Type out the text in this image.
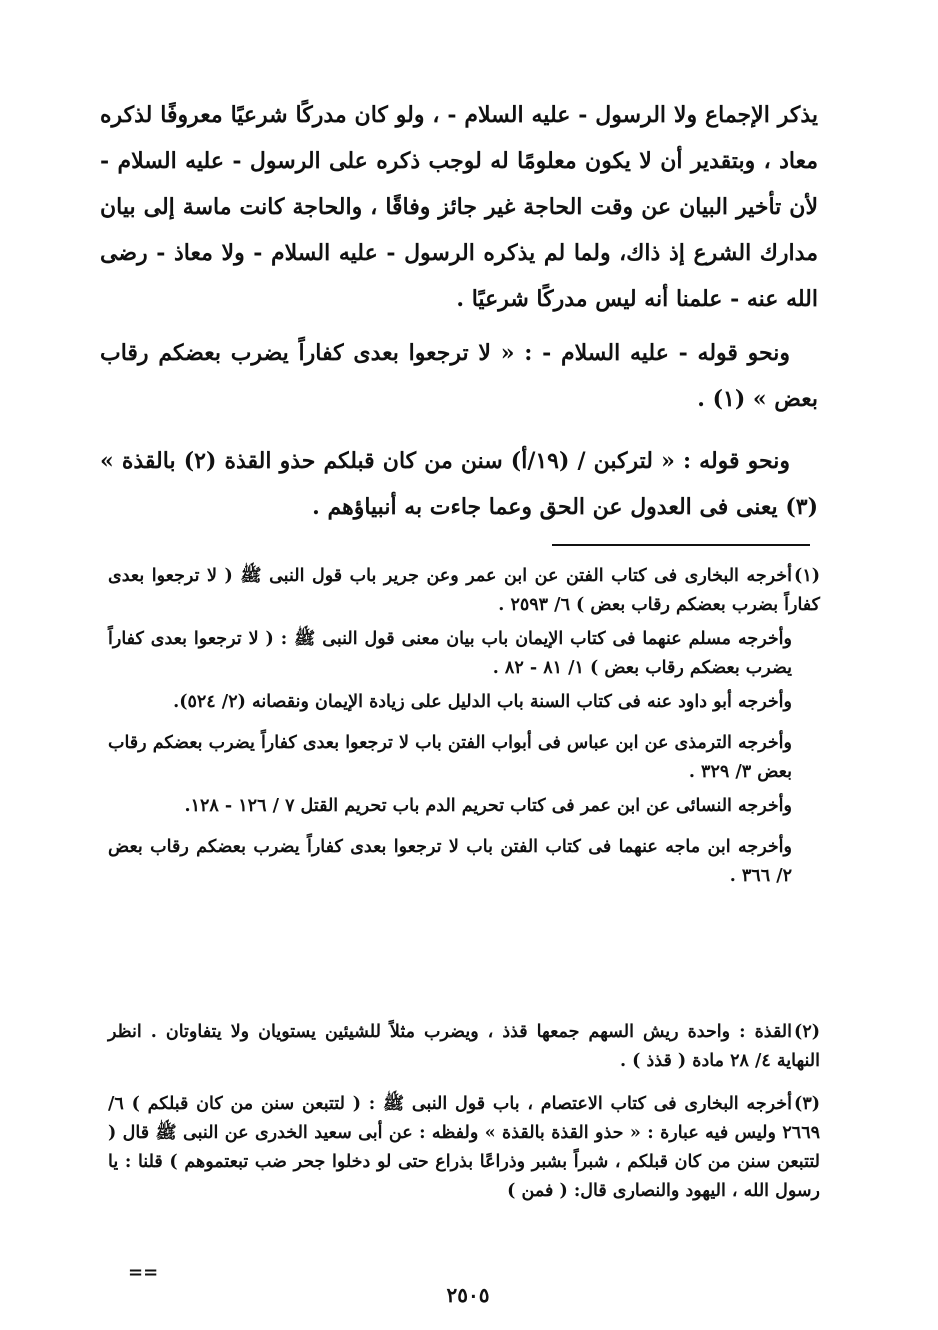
يذكر الإجماع ولا الرسول - عليه السلام - ، ولو كان مدركًا شرعيًا معروفًا لذكره معاد ، وبتقدير أن لا يكون معلومًا له لوجب ذكره على الرسول - عليه السلام - لأن تأخير البيان عن وقت الحاجة غير جائز وفاقًا ، والحاجة كانت ماسة إلى بيان مدارك الشرع إذ ذاك، ولما لم يذكره الرسول - عليه السلام - ولا معاذ - رضى الله عنه - علمنا أنه ليس مدركًا شرعيًا .

ونحو قوله - عليه السلام - : « لا ترجعوا بعدى كفاراً يضرب بعضكم رقاب بعض » (١) .

ونحو قوله : « لتركبن / (١٩/أ) سنن من كان قبلكم حذو القذة (٢) بالقذة » (٣) يعنى فى العدول عن الحق وعما جاءت به أنبياؤهم .

(١)أخرجه البخارى فى كتاب الفتن عن ابن عمر وعن جرير باب قول النبى ﷺ ( لا ترجعوا بعدى كفاراً بضرب بعضكم رقاب بعض ) ٦/ ٢٥٩٣ .
وأخرجه مسلم عنهما فى كتاب الإيمان باب بيان معنى قول النبى ﷺ : ( لا ترجعوا بعدى كفاراً يضرب بعضكم رقاب بعض ) ١/ ٨١ - ٨٢ .
وأخرجه أبو داود عنه فى كتاب السنة باب الدليل على زيادة الإيمان ونقصانه (٢/ ٥٢٤).
وأخرجه الترمذى عن ابن عباس فى أبواب الفتن باب لا ترجعوا بعدى كفاراً يضرب بعضكم رقاب بعض ٣/ ٣٢٩ .
وأخرجه النسائى عن ابن عمر فى كتاب تحريم الدم باب تحريم القتل ٧ / ١٢٦ - ١٢٨.
وأخرجه ابن ماجه عنهما فى كتاب الفتن باب لا ترجعوا بعدى كفاراً يضرب بعضكم رقاب بعض ٢/ ٣٦٦ .
(٢)القذة : واحدة ريش السهم جمعها قذذ ، ويضرب مثلاً للشيئين يستويان ولا يتفاوتان . انظر النهاية ٤/ ٢٨ مادة ( قذذ ) .
(٣)أخرجه البخارى فى كتاب الاعتصام ، باب قول النبى ﷺ : ( لتتبعن سنن من كان قبلكم ) ٦/ ٢٦٦٩ وليس فيه عبارة : « حذو القذة بالقذة » ولفظه : عن أبى سعيد الخدرى عن النبى ﷺ قال ( لتتبعن سنن من كان قبلكم ، شبراً بشبر وذراعًا بذراع حتى لو دخلوا جحر ضب تبعتموهم ) قلنا : يا رسول الله ، اليهود والنصارى قال: ( فمن )
==
٢٥٠٥
